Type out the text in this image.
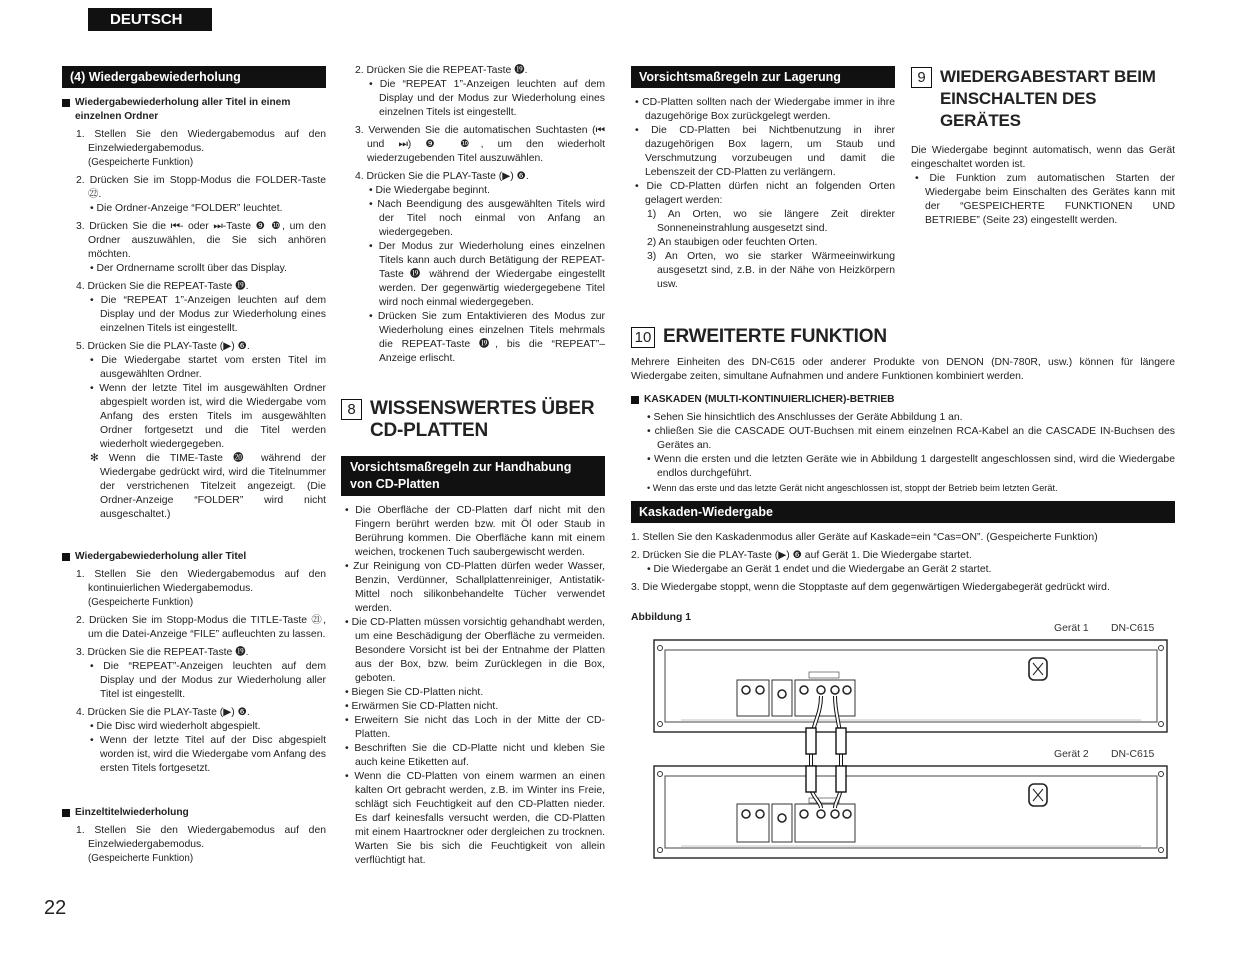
DEUTSCH
(4) Wiedergabewiederholung
Wiedergabewiederholung aller Titel in einem einzelnen Ordner
1. Stellen Sie den Wiedergabemodus auf den Einzelwiedergabemodus.
(Gespeicherte Funktion)
2. Drücken Sie im Stopp-Modus die FOLDER-Taste ㉒.
• Die Ordner-Anzeige “FOLDER” leuchtet.
3. Drücken Sie die ⏮- oder ⏭-Taste ❾ ❿, um den Ordner auszuwählen, die Sie sich anhören möchten.
• Der Ordnername scrollt über das Display.
4. Drücken Sie die REPEAT-Taste ⓳.
• Die “REPEAT 1”-Anzeigen leuchten auf dem Display und der Modus zur Wiederholung eines einzelnen Titels ist eingestellt.
5. Drücken Sie die PLAY-Taste (▶) ❻.
• Die Wiedergabe startet vom ersten Titel im ausgewählten Ordner.
• Wenn der letzte Titel im ausgewählten Ordner abgespielt worden ist, wird die Wiedergabe vom Anfang des ersten Titels im ausgewählten Ordner fortgesetzt und die Titel werden wiederholt wiedergegeben.
✻ Wenn die TIME-Taste ⓴ während der Wiedergabe gedrückt wird, wird die Titelnummer der verstrichenen Titelzeit angezeigt. (Die Ordner-Anzeige “FOLDER” wird nicht ausgeschaltet.)
Wiedergabewiederholung aller Titel
1. Stellen Sie den Wiedergabemodus auf den kontinuierlichen Wiedergabemodus.
(Gespeicherte Funktion)
2. Drücken Sie im Stopp-Modus die TITLE-Taste ㉑, um die Datei-Anzeige “FILE” aufleuchten zu lassen.
3. Drücken Sie die REPEAT-Taste ⓳.
• Die “REPEAT”-Anzeigen leuchten auf dem Display und der Modus zur Wiederholung aller Titel ist eingestellt.
4. Drücken Sie die PLAY-Taste (▶) ❻.
• Die Disc wird wiederholt abgespielt.
• Wenn der letzte Titel auf der Disc abgespielt worden ist, wird die Wiedergabe vom Anfang des ersten Titels fortgesetzt.
Einzeltitelwiederholung
1. Stellen Sie den Wiedergabemodus auf den Einzelwiedergabemodus.
(Gespeicherte Funktion)
2. Drücken Sie die REPEAT-Taste ⓳.
• Die “REPEAT 1”-Anzeigen leuchten auf dem Display und der Modus zur Wiederholung eines einzelnen Titels ist eingestellt.
3. Verwenden Sie die automatischen Suchtasten (⏮ und ⏭) ❾ ❿, um den wiederholt wiederzugebenden Titel auszuwählen.
4. Drücken Sie die PLAY-Taste (▶) ❻.
• Die Wiedergabe beginnt.
• Nach Beendigung des ausgewählten Titels wird der Titel noch einmal von Anfang an wiedergegeben.
• Der Modus zur Wiederholung eines einzelnen Titels kann auch durch Betätigung der REPEAT-Taste ⓳ während der Wiedergabe eingestellt werden. Der gegenwärtig wiedergegebene Titel wird noch einmal wiedergegeben.
• Drücken Sie zum Entaktivieren des Modus zur Wiederholung eines einzelnen Titels mehrmals die REPEAT-Taste ⓳, bis die “REPEAT”–Anzeige erlischt.
8 WISSENSWERTES ÜBER CD-PLATTEN
Vorsichtsmaßregeln zur Handhabung von CD-Platten
• Die Oberfläche der CD-Platten darf nicht mit den Fingern berührt werden bzw. mit Öl oder Staub in Berührung kommen. Die Oberfläche kann mit einem weichen, trockenen Tuch saubergewischt werden.
• Zur Reinigung von CD-Platten dürfen weder Wasser, Benzin, Verdünner, Schallplattenreiniger, Antistatik-Mittel noch silikonbehandelte Tücher verwendet werden.
• Die CD-Platten müssen vorsichtig gehandhabt werden, um eine Beschädigung der Oberfläche zu vermeiden. Besondere Vorsicht ist bei der Entnahme der Platten aus der Box, bzw. beim Zurücklegen in die Box, geboten.
• Biegen Sie CD-Platten nicht.
• Erwärmen Sie CD-Platten nicht.
• Erweitern Sie nicht das Loch in der Mitte der CD-Platten.
• Beschriften Sie die CD-Platte nicht und kleben Sie auch keine Etiketten auf.
• Wenn die CD-Platten von einem warmen an einen kalten Ort gebracht werden, z.B. im Winter ins Freie, schlägt sich Feuchtigkeit auf den CD-Platten nieder. Es darf keinesfalls versucht werden, die CD-Platten mit einem Haartrockner oder dergleichen zu trocknen. Warten Sie bis sich die Feuchtigkeit von allein verflüchtigt hat.
Vorsichtsmaßregeln zur Lagerung
• CD-Platten sollten nach der Wiedergabe immer in ihre dazugehörige Box zurückgelegt werden.
• Die CD-Platten bei Nichtbenutzung in ihrer dazugehörigen Box lagern, um Staub und Verschmutzung vorzubeugen und damit die Lebenszeit der CD-Platten zu verlängern.
• Die CD-Platten dürfen nicht an folgenden Orten gelagert werden:
1) An Orten, wo sie längere Zeit direkter Sonneneinstrahlung ausgesetzt sind.
2) An staubigen oder feuchten Orten.
3) An Orten, wo sie starker Wärmeeinwirkung ausgesetzt sind, z.B. in der Nähe von Heizkörpern usw.
9 WIEDERGABESTART BEIM EINSCHALTEN DES GERÄTES
Die Wiedergabe beginnt automatisch, wenn das Gerät eingeschaltet worden ist.
• Die Funktion zum automatischen Starten der Wiedergabe beim Einschalten des Gerätes kann mit der “GESPEICHERTE FUNKTIONEN UND BETRIEBE” (Seite 23) eingestellt werden.
10 ERWEITERTE FUNKTION
Mehrere Einheiten des DN-C615 oder anderer Produkte von DENON (DN-780R, usw.) können für längere Wiedergabe zeiten, simultane Aufnahmen und andere Funktionen kombiniert werden.
KASKADEN (MULTI-KONTINUIERLICHER)-BETRIEB
• Sehen Sie hinsichtlich des Anschlusses der Geräte Abbildung 1 an.
• chließen Sie die CASCADE OUT-Buchsen mit einem einzelnen RCA-Kabel an die CASCADE IN-Buchsen des Gerätes an.
• Wenn die ersten und die letzten Geräte wie in Abbildung 1 dargestellt angeschlossen sind, wird die Wiedergabe endlos durchgeführt.
• Wenn das erste und das letzte Gerät nicht angeschlossen ist, stoppt der Betrieb beim letzten Gerät.
Kaskaden-Wiedergabe
1. Stellen Sie den Kaskadenmodus aller Geräte auf Kaskade=ein “Cas=ON”. (Gespeicherte Funktion)
2. Drücken Sie die PLAY-Taste (▶) ❻ auf Gerät 1. Die Wiedergabe startet.
• Die Wiedergabe an Gerät 1 endet und die Wiedergabe an Gerät 2 startet.
3. Die Wiedergabe stoppt, wenn die Stopptaste auf dem gegenwärtigen Wiedergabegerät gedrückt wird.
Abbildung 1
Gerät 1 DN-C615
Gerät 2 DN-C615
22
